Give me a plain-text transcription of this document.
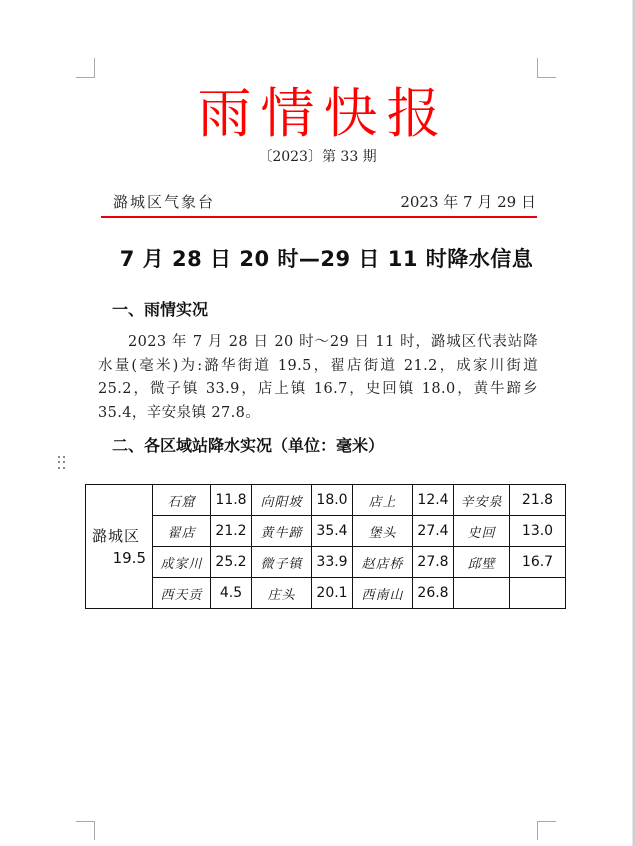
雨情快报
〔2023〕第 33 期
潞城区气象台	2023 年 7 月 29 日
7 月 28 日 20 时—29 日 11 时降水信息
一、雨情实况
2023 年 7 月 28 日 20 时～29 日 11 时，潞城区代表站降水量(毫米)为:潞华街道 19.5，翟店街道 21.2，成家川街道 25.2，微子镇 33.9，店上镇 16.7，史回镇 18.0，黄牛蹄乡 35.4，辛安泉镇 27.8。
二、各区域站降水实况（单位：毫米）
潞城区
19.5	石窟	11.8	向阳坡	18.0	店上	12.4	辛安泉	21.8
	翟店	21.2	黄牛蹄	35.4	堡头	27.4	史回	13.0
	成家川	25.2	微子镇	33.9	赵店桥	27.8	邱壁	16.7
	西天贡	4.5	庄头	20.1	西南山	26.8		
